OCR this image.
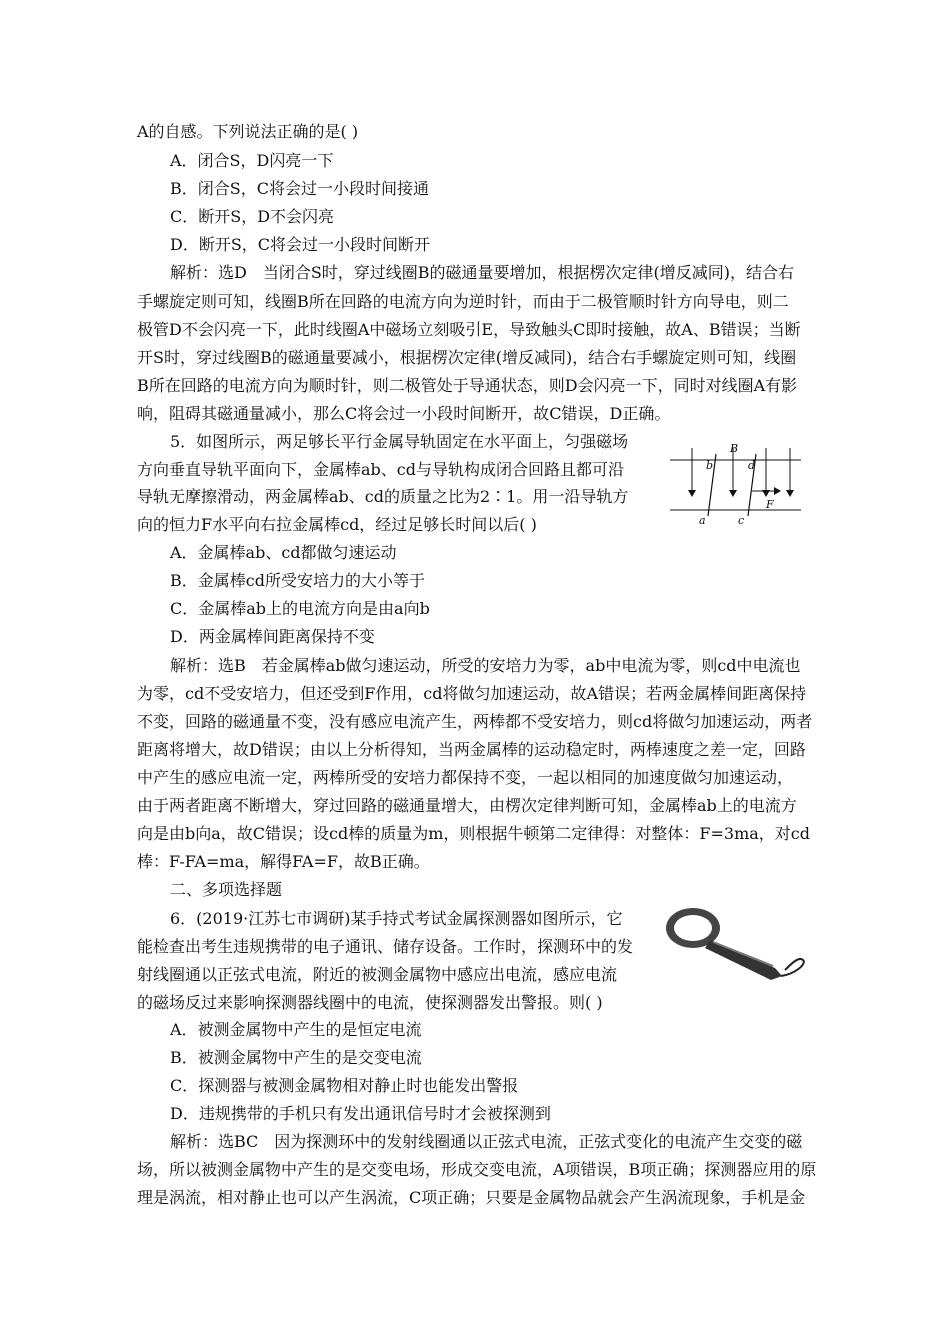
A的自感。下列说法正确的是( )
A．闭合S，D闪亮一下
B．闭合S，C将会过一小段时间接通
C．断开S，D不会闪亮
D．断开S，C将会过一小段时间断开
解析：选D　当闭合S时，穿过线圈B的磁通量要增加，根据楞次定律(增反减同)，结合右
手螺旋定则可知，线圈B所在回路的电流方向为逆时针，而由于二极管顺时针方向导电，则二
极管D不会闪亮一下，此时线圈A中磁场立刻吸引E，导致触头C即时接触，故A、B错误；当断
开S时，穿过线圈B的磁通量要减小，根据楞次定律(增反减同)，结合右手螺旋定则可知，线圈
B所在回路的电流方向为顺时针，则二极管处于导通状态，则D会闪亮一下，同时对线圈A有影
响，阻碍其磁通量减小，那么C将会过一小段时间断开，故C错误，D正确。
5．如图所示，两足够长平行金属导轨固定在水平面上，匀强磁场
方向垂直导轨平面向下，金属棒ab、cd与导轨构成闭合回路且都可沿
导轨无摩擦滑动，两金属棒ab、cd的质量之比为2∶1。用一沿导轨方
向的恒力F水平向右拉金属棒cd，经过足够长时间以后( )
B
b	d
a	c
F
A．金属棒ab、cd都做匀速运动
B．金属棒cd所受安培力的大小等于
C．金属棒ab上的电流方向是由a向b
D．两金属棒间距离保持不变
解析：选B　若金属棒ab做匀速运动，所受的安培力为零，ab中电流为零，则cd中电流也
为零，cd不受安培力，但还受到F作用，cd将做匀加速运动，故A错误；若两金属棒间距离保持
不变，回路的磁通量不变，没有感应电流产生，两棒都不受安培力，则cd将做匀加速运动，两者
距离将增大，故D错误；由以上分析得知，当两金属棒的运动稳定时，两棒速度之差一定，回路
中产生的感应电流一定，两棒所受的安培力都保持不变，一起以相同的加速度做匀加速运动，
由于两者距离不断增大，穿过回路的磁通量增大，由楞次定律判断可知，金属棒ab上的电流方
向是由b向a，故C错误；设cd棒的质量为m，则根据牛顿第二定律得：对整体：F=3ma，对cd
棒：F-FA=ma，解得FA=F，故B正确。
二、多项选择题
6．(2019·江苏七市调研)某手持式考试金属探测器如图所示，它
能检查出考生违规携带的电子通讯、储存设备。工作时，探测环中的发
射线圈通以正弦式电流，附近的被测金属物中感应出电流，感应电流
的磁场反过来影响探测器线圈中的电流，使探测器发出警报。则( )
A．被测金属物中产生的是恒定电流
B．被测金属物中产生的是交变电流
C．探测器与被测金属物相对静止时也能发出警报
D．违规携带的手机只有发出通讯信号时才会被探测到
解析：选BC　因为探测环中的发射线圈通以正弦式电流，正弦式变化的电流产生交变的磁
场，所以被测金属物中产生的是交变电场，形成交变电流，A项错误，B项正确；探测器应用的原
理是涡流，相对静止也可以产生涡流，C项正确；只要是金属物品就会产生涡流现象，手机是金
